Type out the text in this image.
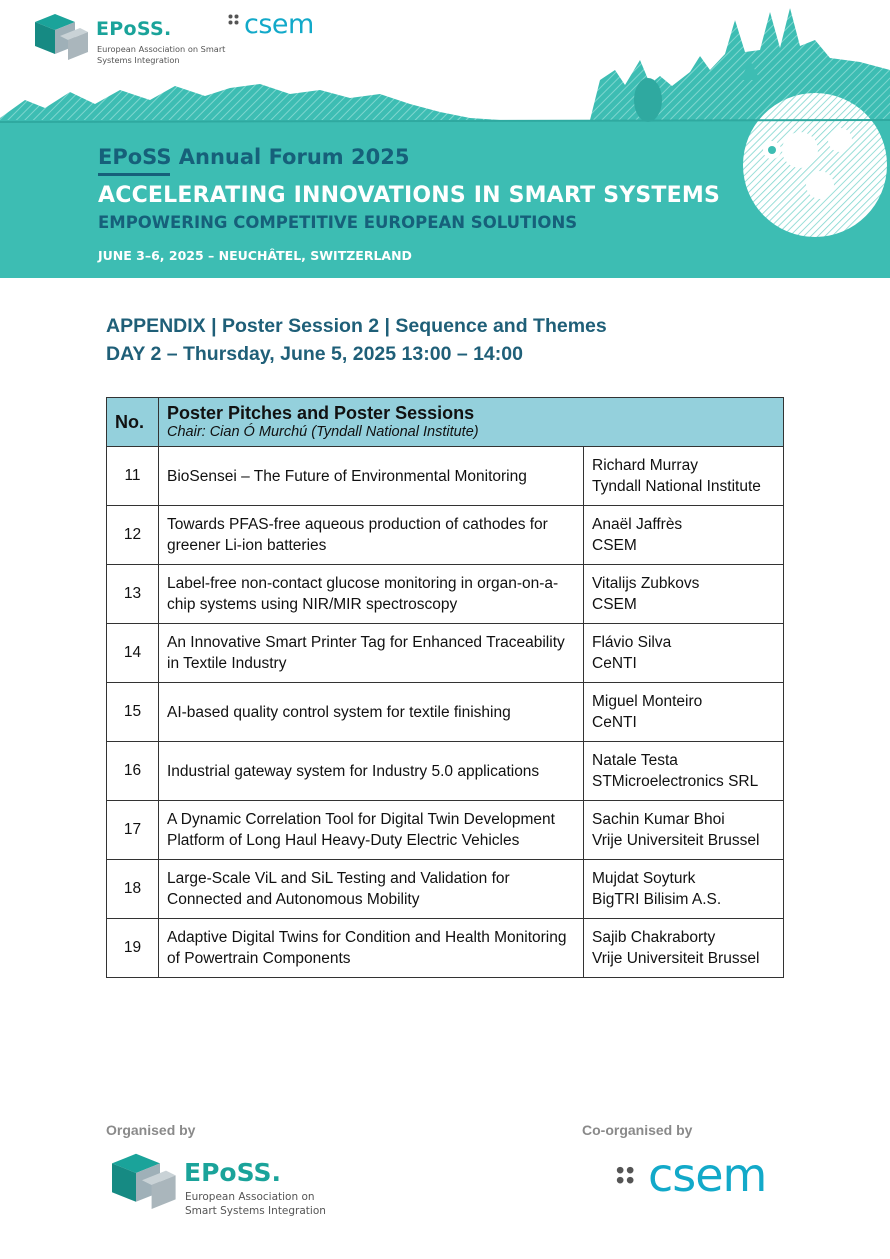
EPoSS.
European Association on Smart Systems Integration
csem
EPoSS Annual Forum 2025
ACCELERATING INNOVATIONS IN SMART SYSTEMS
EMPOWERING COMPETITIVE EUROPEAN SOLUTIONS
JUNE 3–6, 2025 – NEUCHÂTEL, SWITZERLAND
APPENDIX | Poster Session 2 | Sequence and Themes
DAY 2 – Thursday, June 5, 2025 13:00 – 14:00
No.	Poster Pitches and Poster Sessions
Chair: Cian Ó Murchú (Tyndall National Institute)	

11	BioSensei – The Future of Environmental Monitoring	Richard Murray
Tyndall National Institute

12	Towards PFAS-free aqueous production of cathodes for greener Li-ion batteries	Anaël Jaffrès
CSEM

13	Label-free non-contact glucose monitoring in organ-on-a-chip systems using NIR/MIR spectroscopy	Vitalijs Zubkovs
CSEM

14	An Innovative Smart Printer Tag for Enhanced Traceability in Textile Industry	Flávio Silva
CeNTI

15	AI-based quality control system for textile finishing	Miguel Monteiro
CeNTI

16	Industrial gateway system for Industry 5.0 applications	Natale Testa
STMicroelectronics SRL

17	A Dynamic Correlation Tool for Digital Twin Development Platform of Long Haul Heavy-Duty Electric Vehicles	Sachin Kumar Bhoi
Vrije Universiteit Brussel

18	Large-Scale ViL and SiL Testing and Validation for Connected and Autonomous Mobility	Mujdat Soyturk
BigTRI Bilisim A.S.

19	Adaptive Digital Twins for Condition and Health Monitoring of Powertrain Components	Sajib Chakraborty
Vrije Universiteit Brussel
Organised by	Co-organised by
EPoSS.
European Association on Smart Systems Integration
csem
